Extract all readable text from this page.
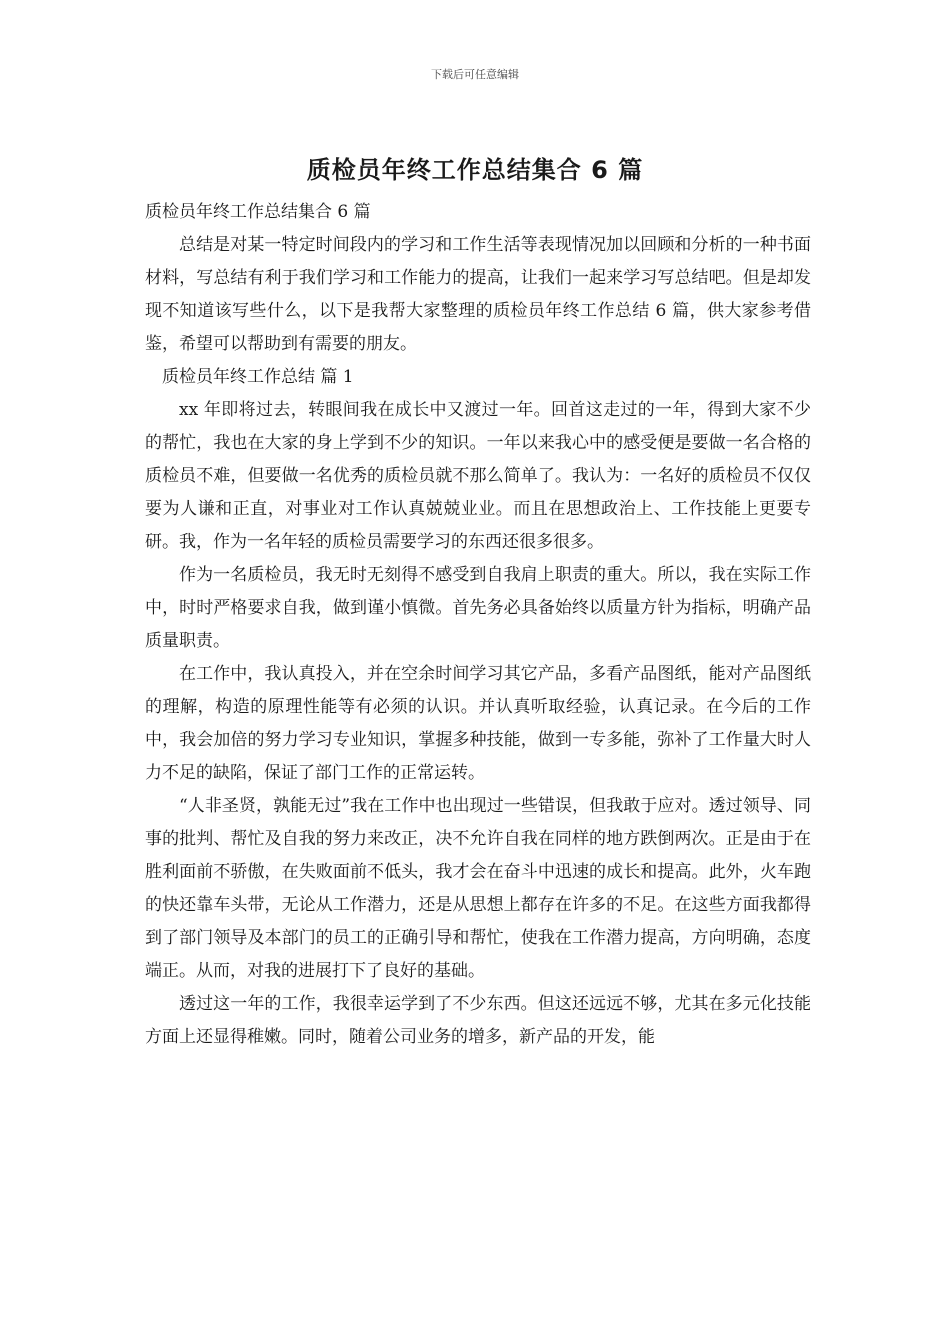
下载后可任意编辑
质检员年终工作总结集合 6 篇

质检员年终工作总结集合 6 篇

总结是对某一特定时间段内的学习和工作生活等表现情况加以回顾和分析的一种书面材料，写总结有利于我们学习和工作能力的提高，让我们一起来学习写总结吧。但是却发现不知道该写些什么，以下是我帮大家整理的质检员年终工作总结 6 篇，供大家参考借鉴，希望可以帮助到有需要的朋友。

质检员年终工作总结 篇 1

xx 年即将过去，转眼间我在成长中又渡过一年。回首这走过的一年，得到大家不少的帮忙，我也在大家的身上学到不少的知识。一年以来我心中的感受便是要做一名合格的质检员不难，但要做一名优秀的质检员就不那么简单了。我认为：一名好的质检员不仅仅要为人谦和正直，对事业对工作认真兢兢业业。而且在思想政治上、工作技能上更要专研。我，作为一名年轻的质检员需要学习的东西还很多很多。

作为一名质检员，我无时无刻得不感受到自我肩上职责的重大。所以，我在实际工作中，时时严格要求自我，做到谨小慎微。首先务必具备始终以质量方针为指标，明确产品质量职责。

在工作中，我认真投入，并在空余时间学习其它产品，多看产品图纸，能对产品图纸的理解，构造的原理性能等有必须的认识。并认真听取经验，认真记录。在今后的工作中，我会加倍的努力学习专业知识，掌握多种技能，做到一专多能，弥补了工作量大时人力不足的缺陷，保证了部门工作的正常运转。

“人非圣贤，孰能无过”我在工作中也出现过一些错误，但我敢于应对。透过领导、同事的批判、帮忙及自我的努力来改正，决不允许自我在同样的地方跌倒两次。正是由于在胜利面前不骄傲，在失败面前不低头，我才会在奋斗中迅速的成长和提高。此外，火车跑的快还靠车头带，无论从工作潜力，还是从思想上都存在许多的不足。在这些方面我都得到了部门领导及本部门的员工的正确引导和帮忙，使我在工作潜力提高，方向明确，态度端正。从而，对我的进展打下了良好的基础。

透过这一年的工作，我很幸运学到了不少东西。但这还远远不够，尤其在多元化技能方面上还显得稚嫩。同时，随着公司业务的增多，新产品的开发，能
